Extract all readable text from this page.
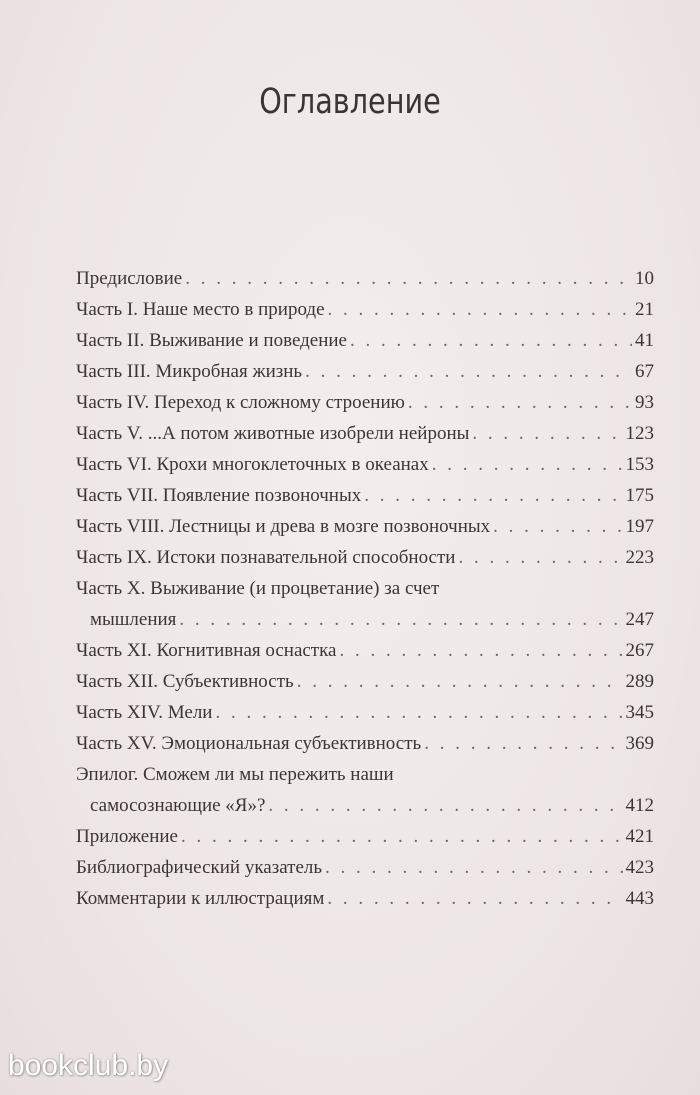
Оглавление
Предисловие . . .	10
Часть I. Наше место в природе . . .	21
Часть II. Выживание и поведение . . .	41
Часть III. Микробная жизнь . . .	67
Часть IV. Переход к сложному строению . . .	93
Часть V. ...А потом животные изобрели нейроны . . .	123
Часть VI. Крохи многоклеточных в океанах . . .	153
Часть VII. Появление позвоночных . . .	175
Часть VIII. Лестницы и древа в мозге позвоночных . . .	197
Часть IX. Истоки познавательной способности . . .	223
Часть X. Выживание (и процветание) за счет
мышления . . .	247
Часть XI. Когнитивная оснастка . . .	267
Часть XII. Субъективность . . .	289
Часть XIV. Мели . . .	345
Часть XV. Эмоциональная субъективность . . .	369
Эпилог. Сможем ли мы пережить наши
самосознающие «Я»? . . .	412
Приложение . . .	421
Библиографический указатель . . .	423
Комментарии к иллюстрациям . . .	443
bookclub.by
